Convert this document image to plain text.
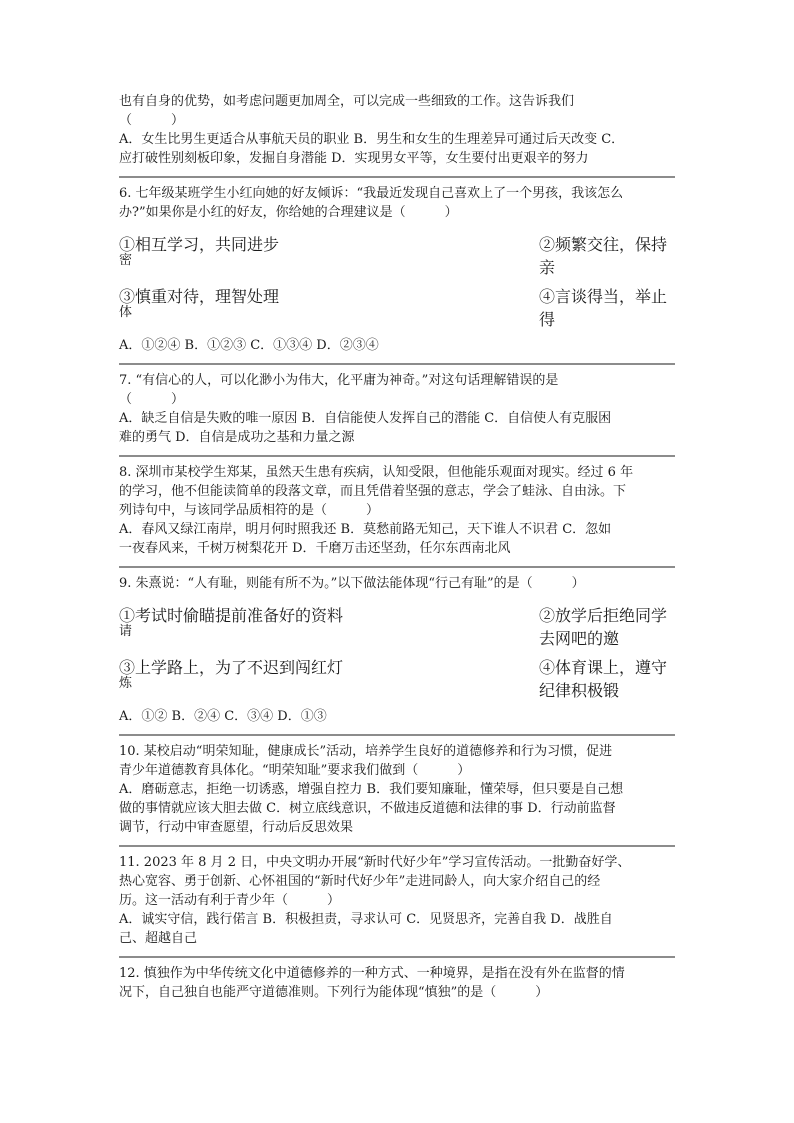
也有自身的优势，如考虑问题更加周全，可以完成一些细致的工作。这告诉我们
（　　　）
A．女生比男生更适合从事航天员的职业 B．男生和女生的生理差异可通过后天改变 C．
应打破性别刻板印象，发掘自身潜能 D．实现男女平等，女生要付出更艰辛的努力
6. 七年级某班学生小红向她的好友倾诉：“我最近发现自己喜欢上了一个男孩，我该怎么
办?”如果你是小红的好友，你给她的合理建议是（　　　）
①相互学习，共同进步	②频繁交往，保持亲
密
③慎重对待，理智处理	④言谈得当，举止得
体
A．①②④ B．①②③ C．①③④ D．②③④
7. “有信心的人，可以化渺小为伟大，化平庸为神奇。”对这句话理解错误的是
（　　　）
A．缺乏自信是失败的唯一原因 B．自信能使人发挥自己的潜能 C．自信使人有克服困
难的勇气 D．自信是成功之基和力量之源
8. 深圳市某校学生郑某，虽然天生患有疾病，认知受限，但他能乐观面对现实。经过 6 年
的学习，他不但能读简单的段落文章，而且凭借着坚强的意志，学会了蛙泳、自由泳。下
列诗句中，与该同学品质相符的是（　　　）
A．春风又绿江南岸，明月何时照我还 B．莫愁前路无知己，天下谁人不识君 C．忽如
一夜春风来，千树万树梨花开 D．千磨万击还坚劲，任尔东西南北风
9. 朱熹说：“人有耻，则能有所不为。”以下做法能体现“行己有耻”的是（　　　）
①考试时偷瞄提前准备好的资料	②放学后拒绝同学去网吧的邀
请
③上学路上，为了不迟到闯红灯	④体育课上，遵守纪律积极锻
炼
A．①② B．②④ C．③④ D．①③
10. 某校启动“明荣知耻，健康成长”活动，培养学生良好的道德修养和行为习惯，促进
青少年道德教育具体化。“明荣知耻”要求我们做到（　　　）
A．磨砺意志，拒绝一切诱惑，增强自控力 B．我们要知廉耻，懂荣辱，但只要是自己想
做的事情就应该大胆去做 C．树立底线意识，不做违反道德和法律的事 D．行动前监督
调节，行动中审查愿望，行动后反思效果
11. 2023 年 8 月 2 日，中央文明办开展“新时代好少年”学习宣传活动。一批勤奋好学、
热心宽容、勇于创新、心怀祖国的“新时代好少年”走进同龄人，向大家介绍自己的经
历。这一活动有利于青少年（　　　）
A．诚实守信，践行偌言 B．积极担责，寻求认可 C．见贤思齐，完善自我 D．战胜自
己、超越自己
12. 慎独作为中华传统文化中道德修养的一种方式、一种境界，是指在没有外在监督的情
况下，自己独自也能严守道德准则。下列行为能体现“慎独”的是（　　　）
